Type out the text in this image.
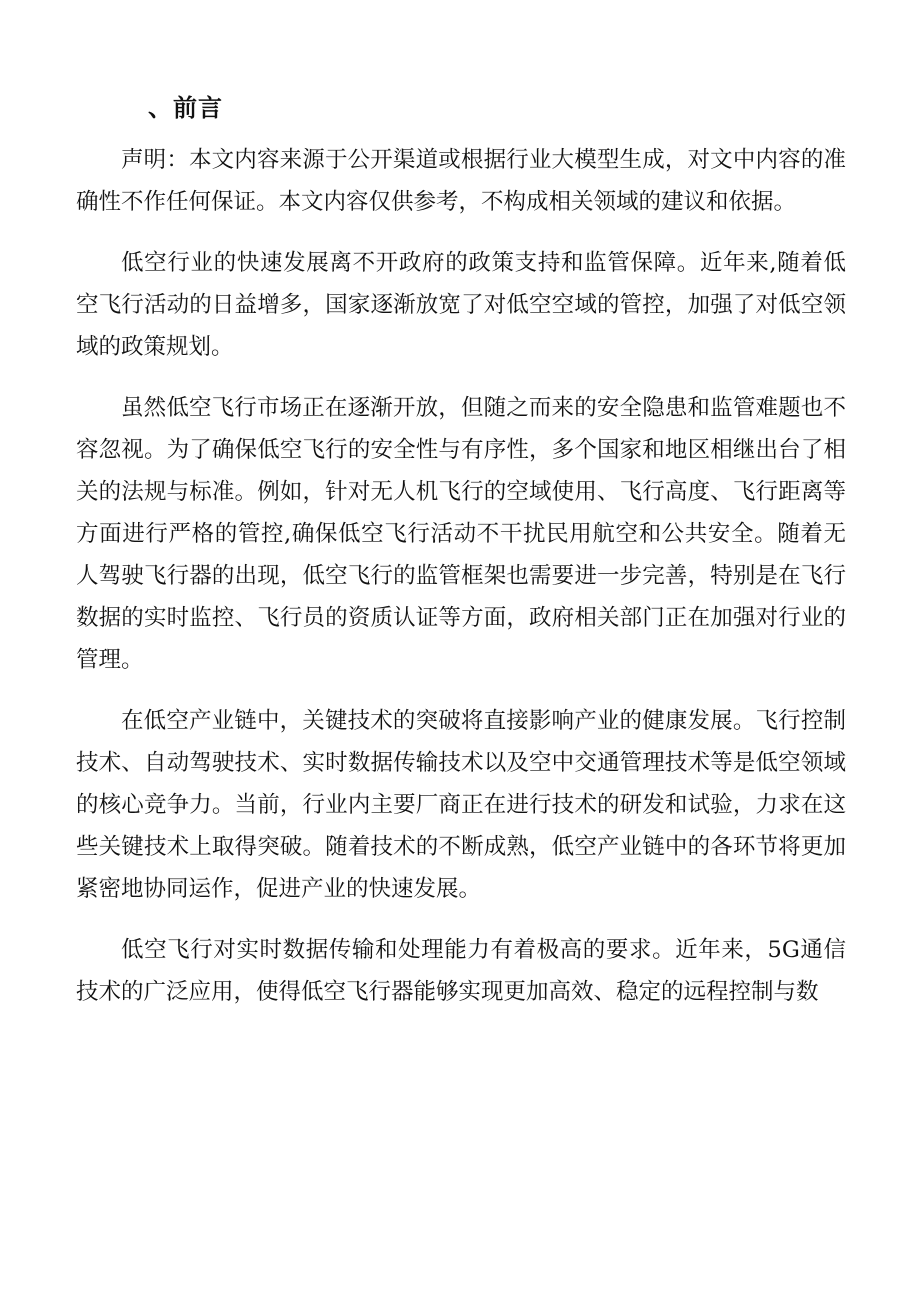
、前言

声明：本文内容来源于公开渠道或根据行业大模型生成，对文中内容的准确性不作任何保证。本文内容仅供参考，不构成相关领域的建议和依据。

低空行业的快速发展离不开政府的政策支持和监管保障。近年来,随着低空飞行活动的日益增多，国家逐渐放宽了对低空空域的管控，加强了对低空领域的政策规划。

虽然低空飞行市场正在逐渐开放，但随之而来的安全隐患和监管难题也不容忽视。为了确保低空飞行的安全性与有序性，多个国家和地区相继出台了相关的法规与标准。例如，针对无人机飞行的空域使用、飞行高度、飞行距离等方面进行严格的管控,确保低空飞行活动不干扰民用航空和公共安全。随着无人驾驶飞行器的出现，低空飞行的监管框架也需要进一步完善，特别是在飞行数据的实时监控、飞行员的资质认证等方面，政府相关部门正在加强对行业的管理。

在低空产业链中，关键技术的突破将直接影响产业的健康发展。飞行控制技术、自动驾驶技术、实时数据传输技术以及空中交通管理技术等是低空领域的核心竞争力。当前，行业内主要厂商正在进行技术的研发和试验，力求在这些关键技术上取得突破。随着技术的不断成熟，低空产业链中的各环节将更加紧密地协同运作，促进产业的快速发展。

低空飞行对实时数据传输和处理能力有着极高的要求。近年来，5G通信技术的广泛应用，使得低空飞行器能够实现更加高效、稳定的远程控制与数
